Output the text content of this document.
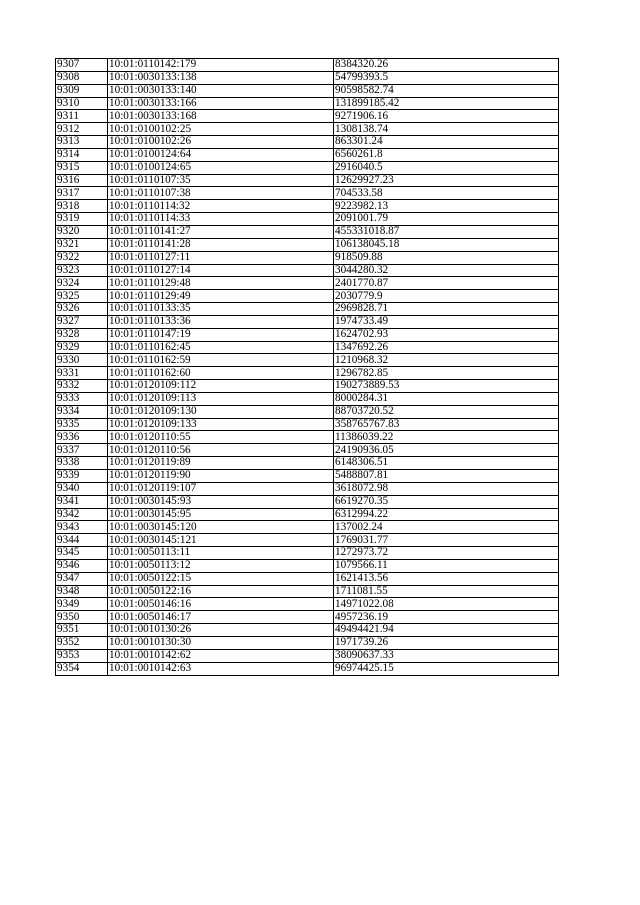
9307	10:01:0110142:179	8384320.26
9308	10:01:0030133:138	54799393.5
9309	10:01:0030133:140	90598582.74
9310	10:01:0030133:166	131899185.42
9311	10:01:0030133:168	9271906.16
9312	10:01:0100102:25	1308138.74
9313	10:01:0100102:26	863301.24
9314	10:01:0100124:64	6560261.8
9315	10:01:0100124:65	2916040.5
9316	10:01:0110107:35	12629927.23
9317	10:01:0110107:38	704533.58
9318	10:01:0110114:32	9223982.13
9319	10:01:0110114:33	2091001.79
9320	10:01:0110141:27	455331018.87
9321	10:01:0110141:28	106138045.18
9322	10:01:0110127:11	918509.88
9323	10:01:0110127:14	3044280.32
9324	10:01:0110129:48	2401770.87
9325	10:01:0110129:49	2030779.9
9326	10:01:0110133:35	2969828.71
9327	10:01:0110133:36	1974733.49
9328	10:01:0110147:19	1624702.93
9329	10:01:0110162:45	1347692.26
9330	10:01:0110162:59	1210968.32
9331	10:01:0110162:60	1296782.85
9332	10:01:0120109:112	190273889.53
9333	10:01:0120109:113	8000284.31
9334	10:01:0120109:130	88703720.52
9335	10:01:0120109:133	358765767.83
9336	10:01:0120110:55	11386039.22
9337	10:01:0120110:56	24190936.05
9338	10:01:0120119:89	6148306.51
9339	10:01:0120119:90	5488807.81
9340	10:01:0120119:107	3618072.98
9341	10:01:0030145:93	6619270.35
9342	10:01:0030145:95	6312994.22
9343	10:01:0030145:120	137002.24
9344	10:01:0030145:121	1769031.77
9345	10:01:0050113:11	1272973.72
9346	10:01:0050113:12	1079566.11
9347	10:01:0050122:15	1621413.56
9348	10:01:0050122:16	1711081.55
9349	10:01:0050146:16	14971022.08
9350	10:01:0050146:17	4957236.19
9351	10:01:0010130:26	49494421.94
9352	10:01:0010130:30	1971739.26
9353	10:01:0010142:62	38090637.33
9354	10:01:0010142:63	96974425.15
